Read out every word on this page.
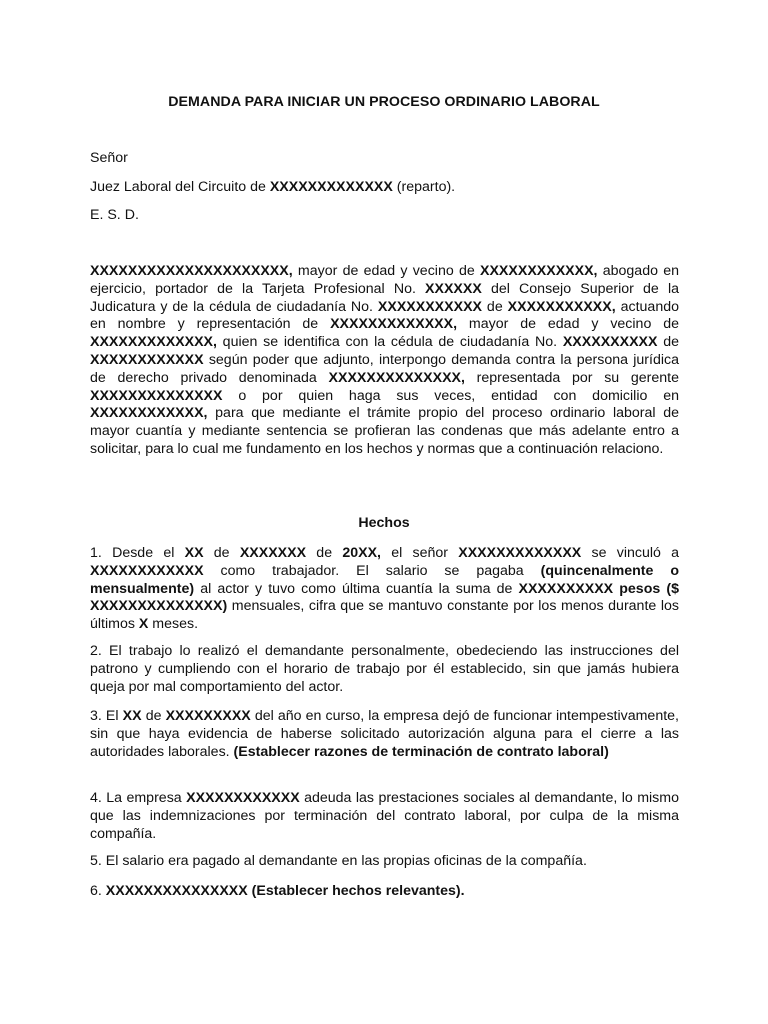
DEMANDA PARA INICIAR UN PROCESO ORDINARIO LABORAL
Señor
Juez Laboral del Circuito de XXXXXXXXXXXXX (reparto).
E. S. D.
XXXXXXXXXXXXXXXXXXXXX, mayor de edad y vecino de XXXXXXXXXXXX, abogado en ejercicio, portador de la Tarjeta Profesional No. XXXXXX del Consejo Superior de la Judicatura y de la cédula de ciudadanía No. XXXXXXXXXXX de XXXXXXXXXXX, actuando en nombre y representación de XXXXXXXXXXXXX, mayor de edad y vecino de XXXXXXXXXXXXX, quien se identifica con la cédula de ciudadanía No. XXXXXXXXXX de XXXXXXXXXXXX según poder que adjunto, interpongo demanda contra la persona jurídica de derecho privado denominada XXXXXXXXXXXXXX, representada por su gerente XXXXXXXXXXXXXX o por quien haga sus veces, entidad con domicilio en XXXXXXXXXXXX, para que mediante el trámite propio del proceso ordinario laboral de mayor cuantía y mediante sentencia se profieran las condenas que más adelante entro a solicitar, para lo cual me fundamento en los hechos y normas que a continuación relaciono.
Hechos
1. Desde el XX de XXXXXXX de 20XX, el señor XXXXXXXXXXXXX se vinculó a XXXXXXXXXXXX como trabajador. El salario se pagaba (quincenalmente o mensualmente) al actor y tuvo como última cuantía la suma de XXXXXXXXXX pesos ($ XXXXXXXXXXXXXX) mensuales, cifra que se mantuvo constante por los menos durante los últimos X meses.
2. El trabajo lo realizó el demandante personalmente, obedeciendo las instrucciones del patrono y cumpliendo con el horario de trabajo por él establecido, sin que jamás hubiera queja por mal comportamiento del actor.
3. El XX de XXXXXXXXX del año en curso, la empresa dejó de funcionar intempestivamente, sin que haya evidencia de haberse solicitado autorización alguna para el cierre a las autoridades laborales. (Establecer razones de terminación de contrato laboral)
4. La empresa XXXXXXXXXXXX adeuda las prestaciones sociales al demandante, lo mismo que las indemnizaciones por terminación del contrato laboral, por culpa de la misma compañía.
5. El salario era pagado al demandante en las propias oficinas de la compañía.
6. XXXXXXXXXXXXXXX (Establecer hechos relevantes).
